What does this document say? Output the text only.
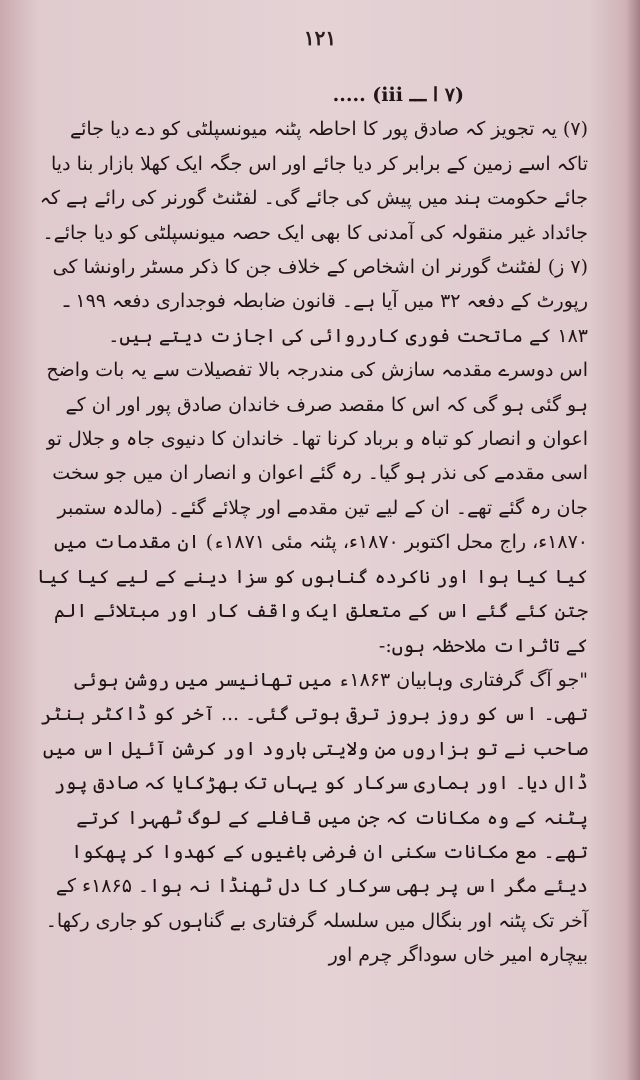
۱۲۱

(۷ ا ـــ iii) .....

(۷) یہ تجویز کہ صادق پور کا احاطہ پٹنہ میونسپلٹی کو دے دیا جائے تاکہ اسے زمین کے برابر کر دیا جائے اور اس جگہ ایک کھلا بازار بنا دیا جائے حکومت ہند میں پیش کی جائے گی۔ لفٹنٹ گورنر کی رائے ہے کہ جائداد غیر منقولہ کی آمدنی کا بھی ایک حصہ میونسپلٹی کو دیا جائے۔

(۷ ز) لفٹنٹ گورنر ان اشخاص کے خلاف جن کا ذکر مسٹر راونشا کی رپورٹ کے دفعہ ۳۲ میں آیا ہے۔ قانون ضابطہ فوجداری دفعہ ۱۹۹ ـ ۱۸۳ کے ماتحت فوری کارروائی کی اجازت دیتے ہیں۔

اس دوسرے مقدمہ سازش کی مندرجہ بالا تفصیلات سے یہ بات واضح ہو گئی ہو گی کہ اس کا مقصد صرف خاندان صادق پور اور ان کے اعوان و انصار کو تباہ و برباد کرنا تھا۔ خاندان کا دنیوی جاہ و جلال تو اسی مقدمے کی نذر ہو گیا۔ رہ گئے اعوان و انصار ان میں جو سخت جان رہ گئے تھے۔ ان کے لیے تین مقدمے اور چلائے گئے۔ (مالدہ ستمبر ۱۸۷۰ء، راج محل اکتوبر ۱۸۷۰ء، پٹنہ مئی ۱۸۷۱ء) ان مقدمات میں کیا کیا ہوا اور ناکردہ گناہوں کو سزا دینے کے لیے کیا کیا جتن کئے گئے اس کے متعلق ایک واقف کار اور مبتلائے الم کے تاثرات ملاحظہ ہوں:-

"جو آگ گرفتاری وہابیان ۱۸۶۳ء میں تھانیسر میں روشن ہوئی تھی۔ اس کو روز بروز ترقی ہوتی گئی۔ ... آخر کو ڈاکٹر ہنٹر صاحب نے تو ہزاروں من ولایتی بارود اور کرشن آئیل اس میں ڈال دیا۔ اور ہماری سرکار کو یہاں تک بھڑکایا کہ صادق پور پٹنہ کے وہ مکانات کہ جن میں قافلے کے لوگ ٹھہرا کرتے تھے۔ مع مکانات سکنی ان فرضی باغیوں کے کھدوا کر پھکوا دیئے مگر اس پر بھی سرکار کا دل ٹھنڈا نہ ہوا۔ ۱۸۶۵ء کے آخر تک پٹنہ اور بنگال میں سلسلہ گرفتاری بے گناہوں کو جاری رکھا۔ بیچارہ امیر خاں سوداگر چرم اور
